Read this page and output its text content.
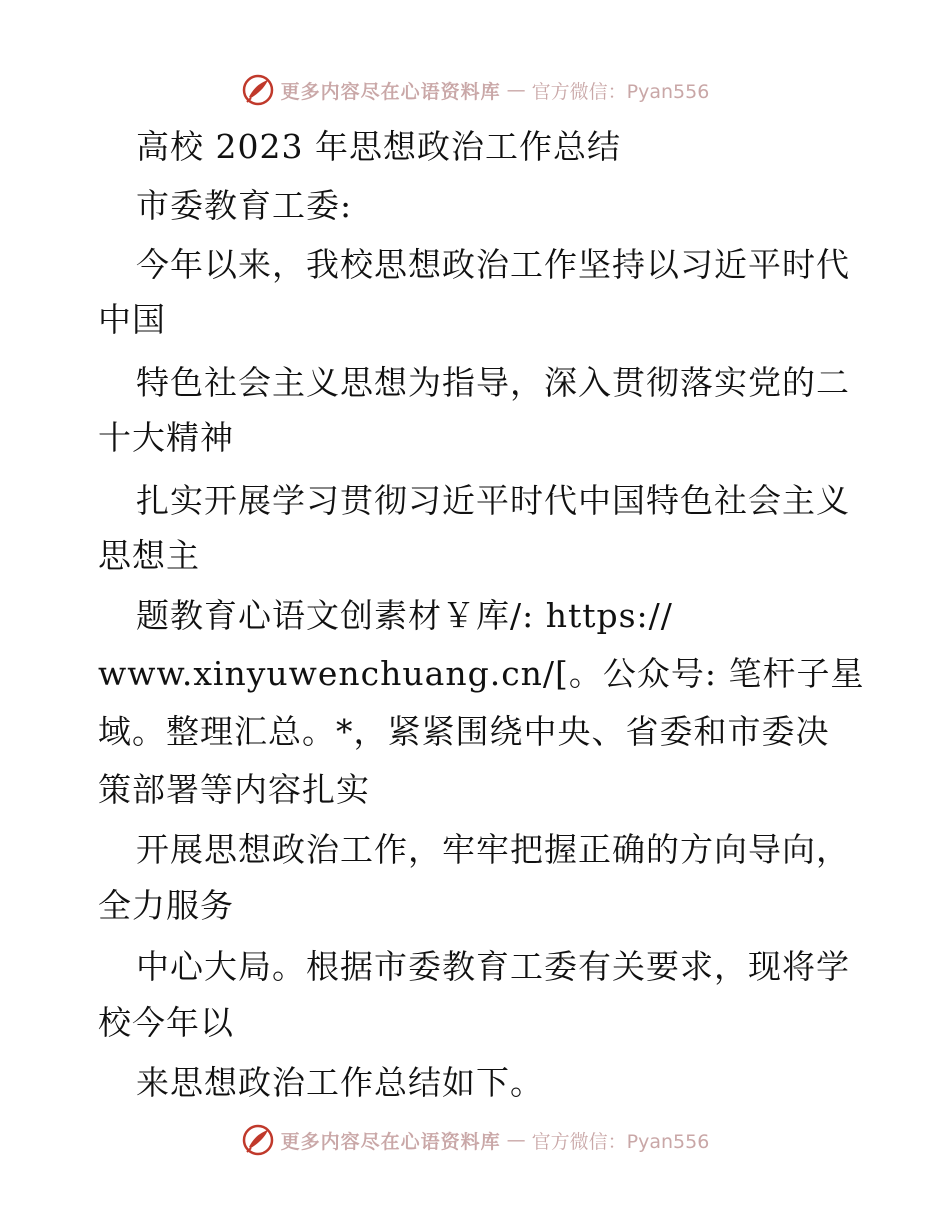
更多内容尽在心语资料库 — 官方微信：Pyan556
高校 2023 年思想政治工作总结
市委教育工委:
今年以来，我校思想政治工作坚持以习近平时代
中国
特色社会主义思想为指导，深入贯彻落实党的二
十大精神
扎实开展学习贯彻习近平时代中国特色社会主义
思想主
题教育心语文创素材￥库/: https://
www.xinyuwenchuang.cn/[。公众号: 笔杆子星
域。整理汇总。*，紧紧围绕中央、省委和市委决
策部署等内容扎实
开展思想政治工作，牢牢把握正确的方向导向，
全力服务
中心大局。根据市委教育工委有关要求，现将学
校今年以
来思想政治工作总结如下。
更多内容尽在心语资料库 — 官方微信：Pyan556
